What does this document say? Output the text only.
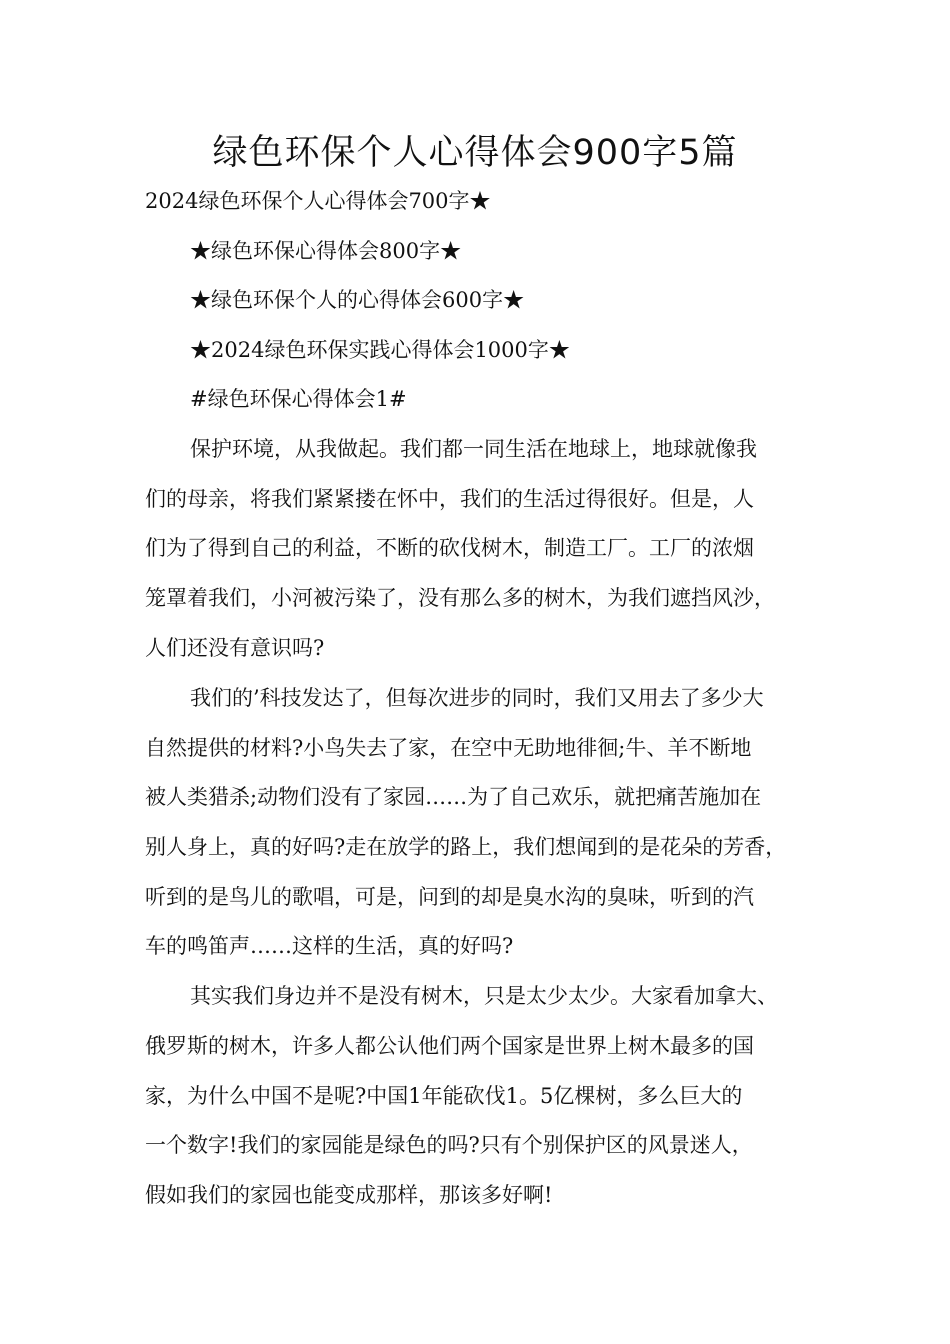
绿色环保个人心得体会900字5篇
2024绿色环保个人心得体会700字★
★绿色环保心得体会800字★
★绿色环保个人的心得体会600字★
★2024绿色环保实践心得体会1000字★
#绿色环保心得体会1#
保护环境，从我做起。我们都一同生活在地球上，地球就像我
们的母亲，将我们紧紧搂在怀中，我们的生活过得很好。但是，人
们为了得到自己的利益，不断的砍伐树木，制造工厂。工厂的浓烟
笼罩着我们，小河被污染了，没有那么多的树木，为我们遮挡风沙，
人们还没有意识吗?
我们的’科技发达了，但每次进步的同时，我们又用去了多少大
自然提供的材料?小鸟失去了家，在空中无助地徘徊;牛、羊不断地
被人类猎杀;动物们没有了家园……为了自己欢乐，就把痛苦施加在
别人身上，真的好吗?走在放学的路上，我们想闻到的是花朵的芳香，
听到的是鸟儿的歌唱，可是，问到的却是臭水沟的臭味，听到的汽
车的鸣笛声……这样的生活，真的好吗?
其实我们身边并不是没有树木，只是太少太少。大家看加拿大、
俄罗斯的树木，许多人都公认他们两个国家是世界上树木最多的国
家，为什么中国不是呢?中国1年能砍伐1。5亿棵树，多么巨大的
一个数字!我们的家园能是绿色的吗?只有个别保护区的风景迷人，
假如我们的家园也能变成那样，那该多好啊!
